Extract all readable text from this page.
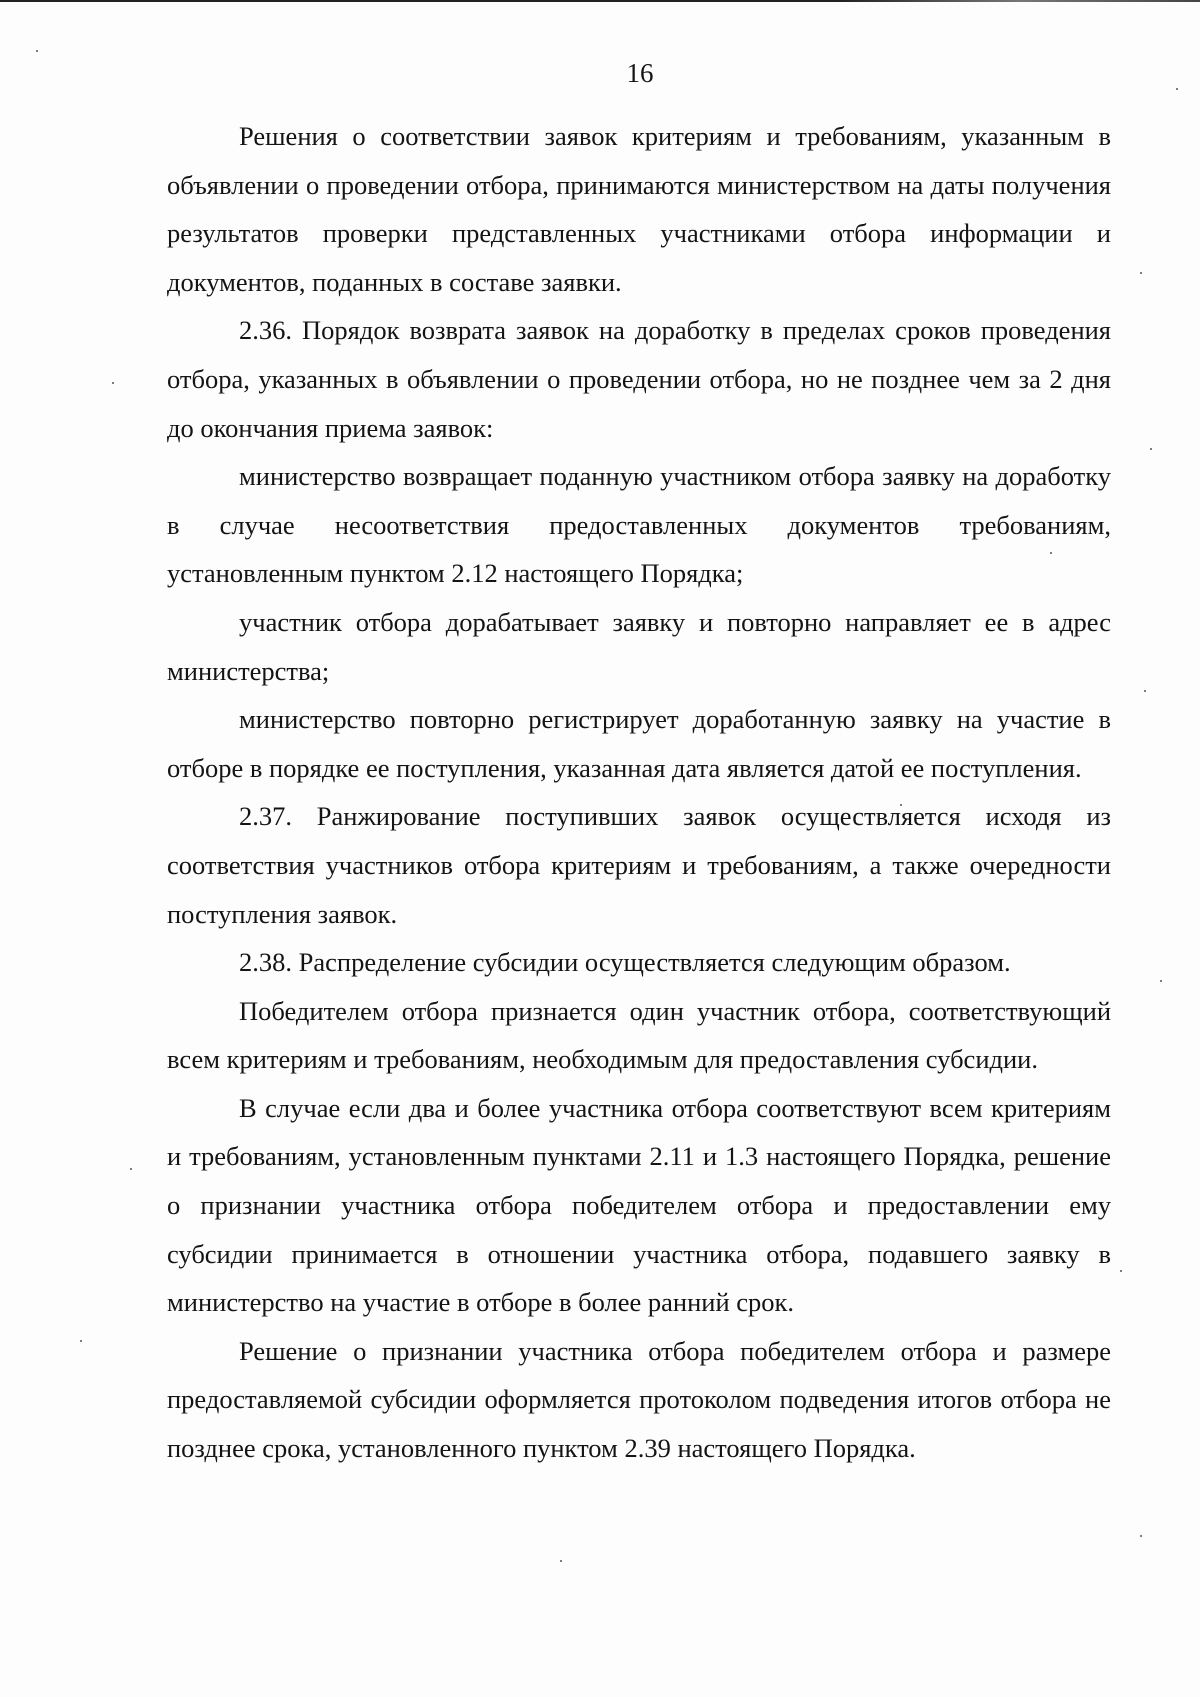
16

Решения о соответствии заявок критериям и требованиям, указанным в объявлении о проведении отбора, принимаются министерством на даты получения результатов проверки представленных участниками отбора информации и документов, поданных в составе заявки.

2.36. Порядок возврата заявок на доработку в пределах сроков проведения отбора, указанных в объявлении о проведении отбора, но не позднее чем за 2 дня до окончания приема заявок:

министерство возвращает поданную участником отбора заявку на доработку в случае несоответствия предоставленных документов требованиям, установленным пунктом 2.12 настоящего Порядка;

участник отбора дорабатывает заявку и повторно направляет ее в адрес министерства;

министерство повторно регистрирует доработанную заявку на участие в отборе в порядке ее поступления, указанная дата является датой ее поступления.

2.37. Ранжирование поступивших заявок осуществляется исходя из соответствия участников отбора критериям и требованиям, а также очередности поступления заявок.

2.38. Распределение субсидии осуществляется следующим образом.

Победителем отбора признается один участник отбора, соответствующий всем критериям и требованиям, необходимым для предоставления субсидии.

В случае если два и более участника отбора соответствуют всем критериям и требованиям, установленным пунктами 2.11 и 1.3 настоящего Порядка, решение о признании участника отбора победителем отбора и предоставлении ему субсидии принимается в отношении участника отбора, подавшего заявку в министерство на участие в отборе в более ранний срок.

Решение о признании участника отбора победителем отбора и размере предоставляемой субсидии оформляется протоколом подведения итогов отбора не позднее срока, установленного пунктом 2.39 настоящего Порядка.
